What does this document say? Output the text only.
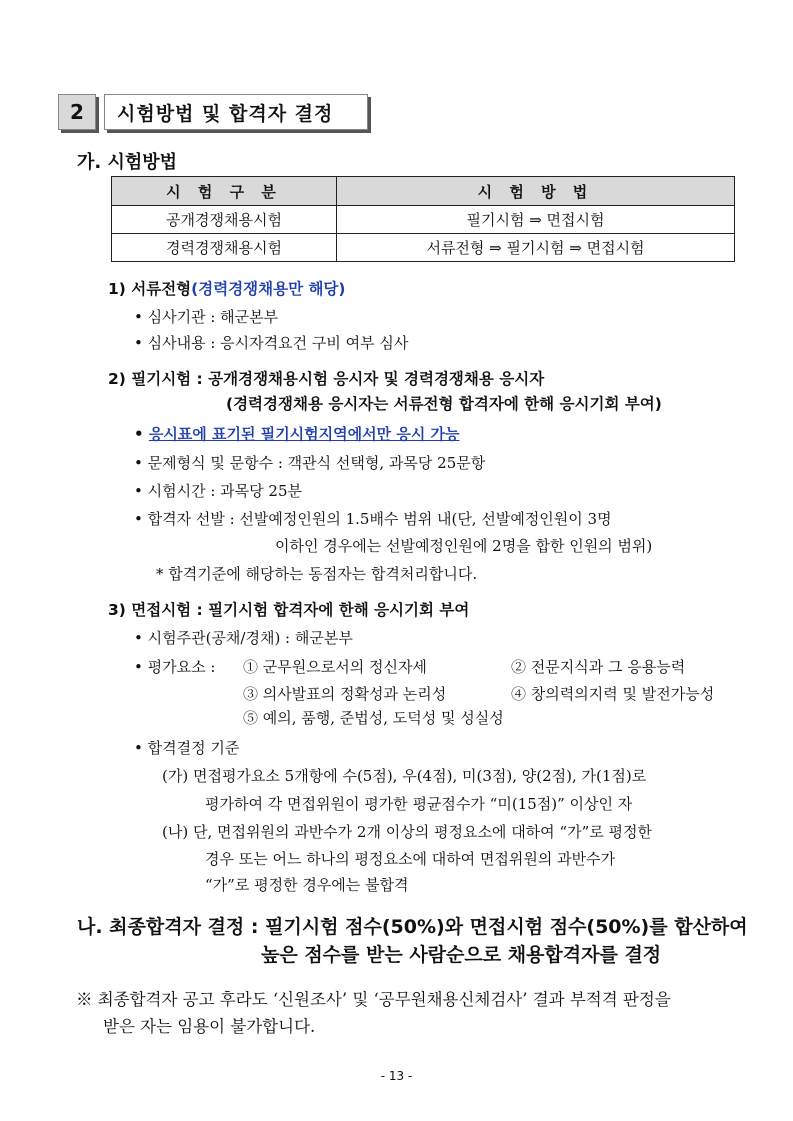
2	시험방법 및 합격자 결정
가. 시험방법
시 험 구 분	시 험 방 법
공개경쟁채용시험	필기시험 ⇒ 면접시험
경력경쟁채용시험	서류전형 ⇒ 필기시험 ⇒ 면접시험
1) 서류전형(경력경쟁채용만 해당)
• 심사기관 : 해군본부
• 심사내용 : 응시자격요건 구비 여부 심사
2) 필기시험 : 공개경쟁채용시험 응시자 및 경력경쟁채용 응시자
(경력경쟁채용 응시자는 서류전형 합격자에 한해 응시기회 부여)
• 응시표에 표기된 필기시험지역에서만 응시 가능
• 문제형식 및 문항수 : 객관식 선택형, 과목당 25문항
• 시험시간 : 과목당 25분
• 합격자 선발 : 선발예정인원의 1.5배수 범위 내(단, 선발예정인원이 3명
이하인 경우에는 선발예정인원에 2명을 합한 인원의 범위)
* 합격기준에 해당하는 동점자는 합격처리합니다.
3) 면접시험 : 필기시험 합격자에 한해 응시기회 부여
• 시험주관(공채/경채) : 해군본부
• 평가요소 : ① 군무원으로서의 정신자세	② 전문지식과 그 응용능력
③ 의사발표의 정확성과 논리성	④ 창의력의지력 및 발전가능성
⑤ 예의, 품행, 준법성, 도덕성 및 성실성
• 합격결정 기준
(가) 면접평가요소 5개항에 수(5점), 우(4점), 미(3점), 양(2점), 가(1점)로
평가하여 각 면접위원이 평가한 평균점수가 “미(15점)” 이상인 자
(나) 단, 면접위원의 과반수가 2개 이상의 평정요소에 대하여 “가”로 평정한
경우 또는 어느 하나의 평정요소에 대하여 면접위원의 과반수가
“가”로 평정한 경우에는 불합격
나. 최종합격자 결정 : 필기시험 점수(50%)와 면접시험 점수(50%)를 합산하여
높은 점수를 받는 사람순으로 채용합격자를 결정
※ 최종합격자 공고 후라도 ‘신원조사’ 및 ‘공무원채용신체검사’ 결과 부적격 판정을
받은 자는 임용이 불가합니다.
- 13 -
